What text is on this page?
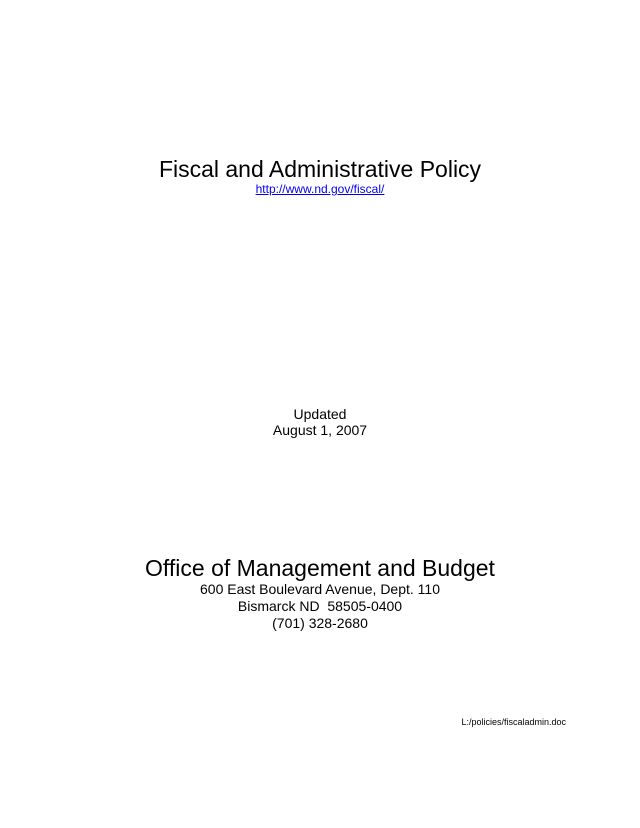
Fiscal and Administrative Policy
http://www.nd.gov/fiscal/
Updated
August 1, 2007
Office of Management and Budget
600 East Boulevard Avenue, Dept. 110
Bismarck ND  58505-0400
(701) 328-2680
L:/policies/fiscaladmin.doc
